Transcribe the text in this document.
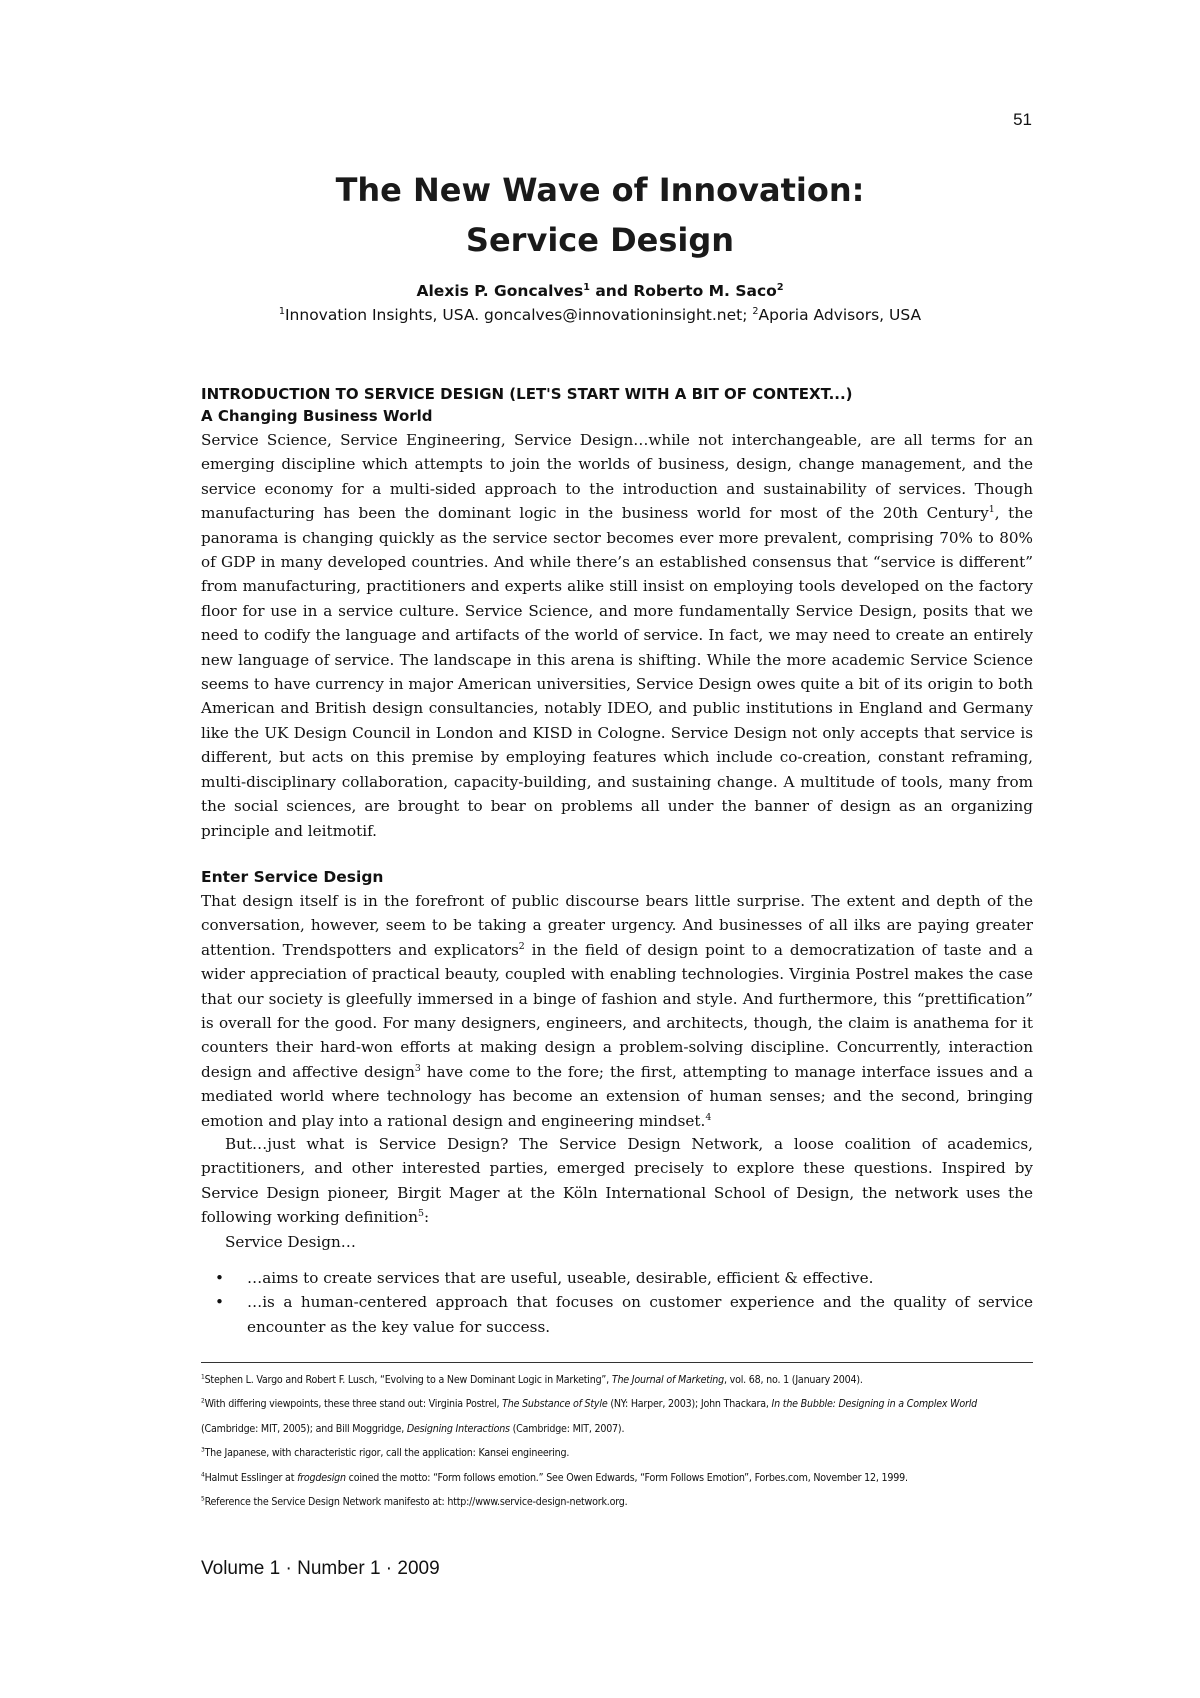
51
The New Wave of Innovation:
Service Design
Alexis P. Goncalves$^1$ and Roberto M. Saco$^2$
$^1$Innovation Insights, USA. goncalves@innovationinsight.net; $^2$Aporia Advisors, USA
INTRODUCTION TO SERVICE DESIGN (LET'S START WITH A BIT OF CONTEXT...)
A Changing Business World

Service Science, Service Engineering, Service Design…while not interchangeable, are all terms for an emerging discipline which attempts to join the worlds of business, design, change management, and the service economy for a multi-sided approach to the introduction and sustainability of services. Though manufacturing has been the dominant logic in the business world for most of the 20th Century$^1$, the panorama is changing quickly as the service sector becomes ever more prevalent, comprising 70% to 80% of GDP in many developed countries. And while there’s an established consensus that “service is different” from manufacturing, practitioners and experts alike still insist on employing tools developed on the factory floor for use in a service culture. Service Science, and more fundamentally Service Design, posits that we need to codify the language and artifacts of the world of service. In fact, we may need to create an entirely new language of service. The landscape in this arena is shifting. While the more academic Service Science seems to have currency in major American universities, Service Design owes quite a bit of its origin to both American and British design consultancies, notably IDEO, and public institutions in England and Germany like the UK Design Council in London and KISD in Cologne. Service Design not only accepts that service is different, but acts on this premise by employing features which include co-creation, constant reframing, multi-disciplinary collaboration, capacity-building, and sustaining change. A multitude of tools, many from the social sciences, are brought to bear on problems all under the banner of design as an organizing principle and leitmotif.

Enter Service Design

That design itself is in the forefront of public discourse bears little surprise. The extent and depth of the conversation, however, seem to be taking a greater urgency. And businesses of all ilks are paying greater attention. Trendspotters and explicators$^2$ in the field of design point to a democratization of taste and a wider appreciation of practical beauty, coupled with enabling technologies. Virginia Postrel makes the case that our society is gleefully immersed in a binge of fashion and style. And furthermore, this “prettification” is overall for the good. For many designers, engineers, and architects, though, the claim is anathema for it counters their hard-won efforts at making design a problem-solving discipline. Concurrently, interaction design and affective design$^3$ have come to the fore; the first, attempting to manage interface issues and a mediated world where technology has become an extension of human senses; and the second, bringing emotion and play into a rational design and engineering mindset.$^4$

But…just what is Service Design? The Service Design Network, a loose coalition of academics, practitioners, and other interested parties, emerged precisely to explore these questions. Inspired by Service Design pioneer, Birgit Mager at the Köln International School of Design, the network uses the following working definition$^5$:

Service Design…
• …aims to create services that are useful, useable, desirable, efficient & effective.
• …is a human-centered approach that focuses on customer experience and the quality of service encounter as the key value for success.

$^1$Stephen L. Vargo and Robert F. Lusch, “Evolving to a New Dominant Logic in Marketing”, The Journal of Marketing, vol. 68, no. 1 (January 2004).

$^2$With differing viewpoints, these three stand out: Virginia Postrel, The Substance of Style (NY: Harper, 2003); John Thackara, In the Bubble: Designing in a Complex World (Cambridge: MIT, 2005); and Bill Moggridge, Designing Interactions (Cambridge: MIT, 2007).

$^3$The Japanese, with characteristic rigor, call the application: Kansei engineering.

$^4$Halmut Esslinger at frogdesign coined the motto: “Form follows emotion.” See Owen Edwards, “Form Follows Emotion”, Forbes.com, November 12, 1999.

$^5$Reference the Service Design Network manifesto at: http://www.service-design-network.org.

Volume 1 · Number 1 · 2009
